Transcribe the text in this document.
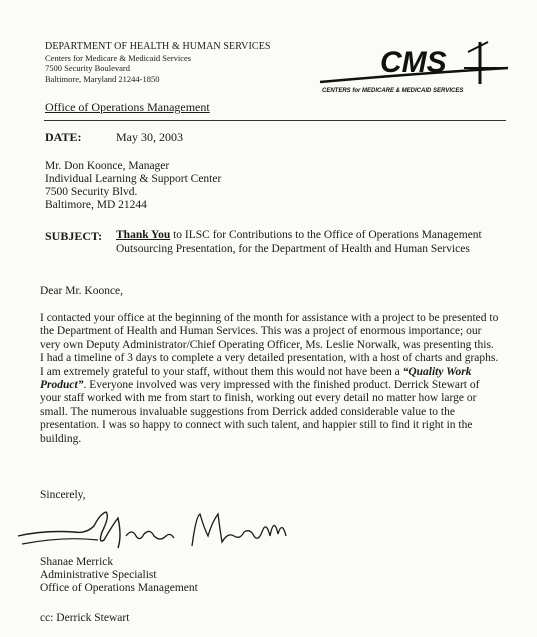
DEPARTMENT OF HEALTH & HUMAN SERVICES
Centers for Medicare & Medicaid Services
7500 Security Boulevard
Baltimore, Maryland 21244-1850	CMS
CENTERS for MEDICARE & MEDICAID SERVICES
Office of Operations Management
DATE:	May 30, 2003
Mr. Don Koonce, Manager
Individual Learning & Support Center
7500 Security Blvd.
Baltimore, MD 21244
SUBJECT: Thank You to ILSC for Contributions to the Office of Operations Management Outsourcing Presentation, for the Department of Health and Human Services
Dear Mr. Koonce,
I contacted your office at the beginning of the month for assistance with a project to be presented to the Department of Health and Human Services. This was a project of enormous importance; our very own Deputy Administrator/Chief Operating Officer, Ms. Leslie Norwalk, was presenting this. I had a timeline of 3 days to complete a very detailed presentation, with a host of charts and graphs. I am extremely grateful to your staff, without them this would not have been a “Quality Work Product”. Everyone involved was very impressed with the finished product. Derrick Stewart of your staff worked with me from start to finish, working out every detail no matter how large or small. The numerous invaluable suggestions from Derrick added considerable value to the presentation. I was so happy to connect with such talent, and happier still to find it right in the building.
Sincerely,
Shanae Merrick
Administrative Specialist
Office of Operations Management
cc: Derrick Stewart
